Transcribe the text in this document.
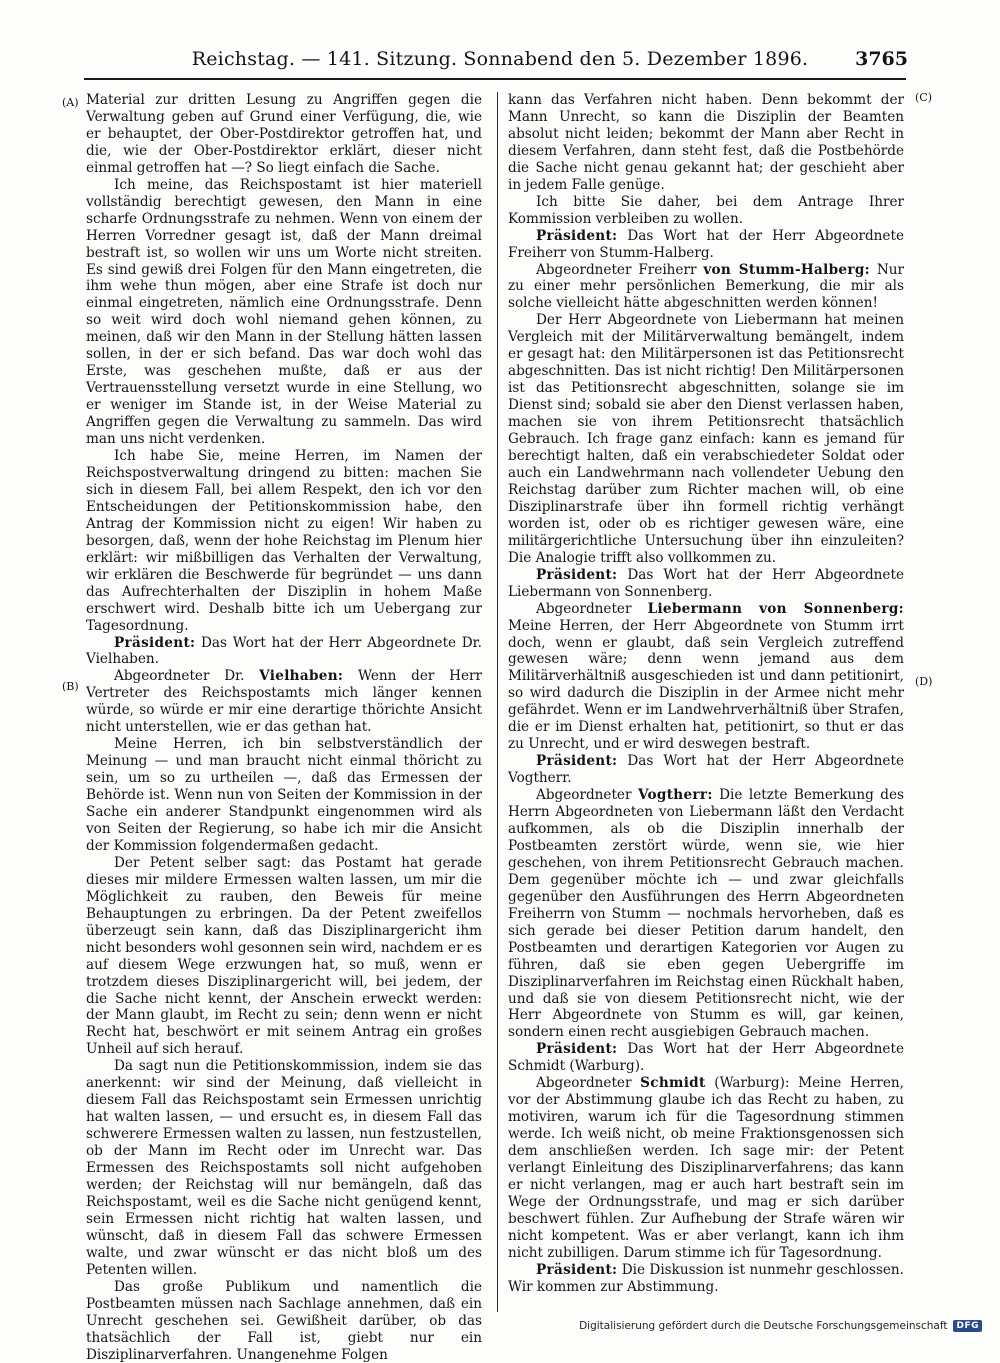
Reichstag. — 141. Sitzung. Sonnabend den 5. Dezember 1896.	3765
(A)
(B)
(C)
(D)

Material zur dritten Lesung zu Angriffen gegen die Verwaltung geben auf Grund einer Verfügung, die, wie er behauptet, der Ober-Postdirektor getroffen hat, und die, wie der Ober-Postdirektor erklärt, dieser nicht einmal getroffen hat —? So liegt einfach die Sache.

Ich meine, das Reichspostamt ist hier materiell vollständig berechtigt gewesen, den Mann in eine scharfe Ordnungsstrafe zu nehmen. Wenn von einem der Herren Vorredner gesagt ist, daß der Mann dreimal bestraft ist, so wollen wir uns um Worte nicht streiten. Es sind gewiß drei Folgen für den Mann eingetreten, die ihm wehe thun mögen, aber eine Strafe ist doch nur einmal eingetreten, nämlich eine Ordnungsstrafe. Denn so weit wird doch wohl niemand gehen können, zu meinen, daß wir den Mann in der Stellung hätten lassen sollen, in der er sich befand. Das war doch wohl das Erste, was geschehen mußte, daß er aus der Vertrauensstellung versetzt wurde in eine Stellung, wo er weniger im Stande ist, in der Weise Material zu Angriffen gegen die Verwaltung zu sammeln. Das wird man uns nicht verdenken.

Ich habe Sie, meine Herren, im Namen der Reichspostverwaltung dringend zu bitten: machen Sie sich in diesem Fall, bei allem Respekt, den ich vor den Entscheidungen der Petitionskommission habe, den Antrag der Kommission nicht zu eigen! Wir haben zu besorgen, daß, wenn der hohe Reichstag im Plenum hier erklärt: wir mißbilligen das Verhalten der Verwaltung, wir erklären die Beschwerde für begründet — uns dann das Aufrechterhalten der Disziplin in hohem Maße erschwert wird. Deshalb bitte ich um Uebergang zur Tagesordnung.

Präsident: Das Wort hat der Herr Abgeordnete Dr. Vielhaben.

Abgeordneter Dr. Vielhaben: Wenn der Herr Vertreter des Reichspostamts mich länger kennen würde, so würde er mir eine derartige thörichte Ansicht nicht unterstellen, wie er das gethan hat.

Meine Herren, ich bin selbstverständlich der Meinung — und man braucht nicht einmal thöricht zu sein, um so zu urtheilen —, daß das Ermessen der Behörde ist. Wenn nun von Seiten der Kommission in der Sache ein anderer Standpunkt eingenommen wird als von Seiten der Regierung, so habe ich mir die Ansicht der Kommission folgendermaßen gedacht.

Der Petent selber sagt: das Postamt hat gerade dieses mir mildere Ermessen walten lassen, um mir die Möglichkeit zu rauben, den Beweis für meine Behauptungen zu erbringen. Da der Petent zweifellos überzeugt sein kann, daß das Disziplinargericht ihm nicht besonders wohl gesonnen sein wird, nachdem er es auf diesem Wege erzwungen hat, so muß, wenn er trotzdem dieses Disziplinargericht will, bei jedem, der die Sache nicht kennt, der Anschein erweckt werden: der Mann glaubt, im Recht zu sein; denn wenn er nicht Recht hat, beschwört er mit seinem Antrag ein großes Unheil auf sich herauf.

Da sagt nun die Petitionskommission, indem sie das anerkennt: wir sind der Meinung, daß vielleicht in diesem Fall das Reichspostamt sein Ermessen unrichtig hat walten lassen, — und ersucht es, in diesem Fall das schwerere Ermessen walten zu lassen, nun festzustellen, ob der Mann im Recht oder im Unrecht war. Das Ermessen des Reichspostamts soll nicht aufgehoben werden; der Reichstag will nur bemängeln, daß das Reichspostamt, weil es die Sache nicht genügend kennt, sein Ermessen nicht richtig hat walten lassen, und wünscht, daß in diesem Fall das schwere Ermessen walte, und zwar wünscht er das nicht bloß um des Petenten willen.

Das große Publikum und namentlich die Postbeamten müssen nach Sachlage annehmen, daß ein Unrecht geschehen sei. Gewißheit darüber, ob das thatsächlich der Fall ist, giebt nur ein Disziplinarverfahren. Unangenehme Folgen

kann das Verfahren nicht haben. Denn bekommt der Mann Unrecht, so kann die Disziplin der Beamten absolut nicht leiden; bekommt der Mann aber Recht in diesem Verfahren, dann steht fest, daß die Postbehörde die Sache nicht genau gekannt hat; der geschieht aber in jedem Falle genüge.

Ich bitte Sie daher, bei dem Antrage Ihrer Kommission verbleiben zu wollen.

Präsident: Das Wort hat der Herr Abgeordnete Freiherr von Stumm-Halberg.

Abgeordneter Freiherr von Stumm-Halberg: Nur zu einer mehr persönlichen Bemerkung, die mir als solche vielleicht hätte abgeschnitten werden können!

Der Herr Abgeordnete von Liebermann hat meinen Vergleich mit der Militärverwaltung bemängelt, indem er gesagt hat: den Militärpersonen ist das Petitionsrecht abgeschnitten. Das ist nicht richtig! Den Militärpersonen ist das Petitionsrecht abgeschnitten, solange sie im Dienst sind; sobald sie aber den Dienst verlassen haben, machen sie von ihrem Petitionsrecht thatsächlich Gebrauch. Ich frage ganz einfach: kann es jemand für berechtigt halten, daß ein verabschiedeter Soldat oder auch ein Landwehrmann nach vollendeter Uebung den Reichstag darüber zum Richter machen will, ob eine Disziplinarstrafe über ihn formell richtig verhängt worden ist, oder ob es richtiger gewesen wäre, eine militärgerichtliche Untersuchung über ihn einzuleiten? Die Analogie trifft also vollkommen zu.

Präsident: Das Wort hat der Herr Abgeordnete Liebermann von Sonnenberg.

Abgeordneter Liebermann von Sonnenberg: Meine Herren, der Herr Abgeordnete von Stumm irrt doch, wenn er glaubt, daß sein Vergleich zutreffend gewesen wäre; denn wenn jemand aus dem Militärverhältniß ausgeschieden ist und dann petitionirt, so wird dadurch die Disziplin in der Armee nicht mehr gefährdet. Wenn er im Landwehrverhältniß über Strafen, die er im Dienst erhalten hat, petitionirt, so thut er das zu Unrecht, und er wird deswegen bestraft.

Präsident: Das Wort hat der Herr Abgeordnete Vogtherr.

Abgeordneter Vogtherr: Die letzte Bemerkung des Herrn Abgeordneten von Liebermann läßt den Verdacht aufkommen, als ob die Disziplin innerhalb der Postbeamten zerstört würde, wenn sie, wie hier geschehen, von ihrem Petitionsrecht Gebrauch machen. Dem gegenüber möchte ich — und zwar gleichfalls gegenüber den Ausführungen des Herrn Abgeordneten Freiherrn von Stumm — nochmals hervorheben, daß es sich gerade bei dieser Petition darum handelt, den Postbeamten und derartigen Kategorien vor Augen zu führen, daß sie eben gegen Uebergriffe im Disziplinarverfahren im Reichstag einen Rückhalt haben, und daß sie von diesem Petitionsrecht nicht, wie der Herr Abgeordnete von Stumm es will, gar keinen, sondern einen recht ausgiebigen Gebrauch machen.

Präsident: Das Wort hat der Herr Abgeordnete Schmidt (Warburg).

Abgeordneter Schmidt (Warburg): Meine Herren, vor der Abstimmung glaube ich das Recht zu haben, zu motiviren, warum ich für die Tagesordnung stimmen werde. Ich weiß nicht, ob meine Fraktionsgenossen sich dem anschließen werden. Ich sage mir: der Petent verlangt Einleitung des Disziplinarverfahrens; das kann er nicht verlangen, mag er auch hart bestraft sein im Wege der Ordnungsstrafe, und mag er sich darüber beschwert fühlen. Zur Aufhebung der Strafe wären wir nicht kompetent. Was er aber verlangt, kann ich ihm nicht zubilligen. Darum stimme ich für Tagesordnung.

Präsident: Die Diskussion ist nunmehr geschlossen. Wir kommen zur Abstimmung.

Digitalisierung gefördert durch die Deutsche Forschungsgemeinschaft	DFG
